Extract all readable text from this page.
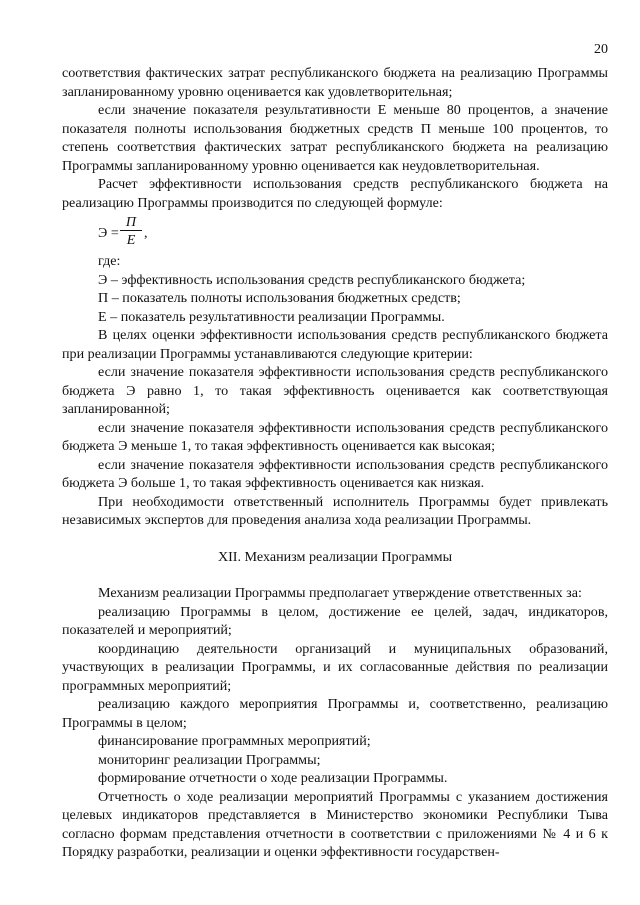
20

соответствия фактических затрат республиканского бюджета на реализацию Программы запланированному уровню оценивается как удовлетворительная;

если значение показателя результативности Е меньше 80 процентов, а значение показателя полноты использования бюджетных средств П меньше 100 процентов, то степень соответствия фактических затрат республиканского бюджета на реализацию Программы запланированному уровню оценивается как неудовлетворительная.

Расчет эффективности использования средств республиканского бюджета на реализацию Программы производится по следующей формуле:

Э =
П
Е ,

где:

Э – эффективность использования средств республиканского бюджета;

П – показатель полноты использования бюджетных средств;

Е – показатель результативности реализации Программы.

В целях оценки эффективности использования средств республиканского бюджета при реализации Программы устанавливаются следующие критерии:

если значение показателя эффективности использования средств республиканского бюджета Э равно 1, то такая эффективность оценивается как соответствующая запланированной;

если значение показателя эффективности использования средств республиканского бюджета Э меньше 1, то такая эффективность оценивается как высокая;

если значение показателя эффективности использования средств республиканского бюджета Э больше 1, то такая эффективность оценивается как низкая.

При необходимости ответственный исполнитель Программы будет привлекать независимых экспертов для проведения анализа хода реализации Программы.

XII. Механизм реализации Программы

Механизм реализации Программы предполагает утверждение ответственных за:

реализацию Программы в целом, достижение ее целей, задач, индикаторов, показателей и мероприятий;

координацию деятельности организаций и муниципальных образований, участвующих в реализации Программы, и их согласованные действия по реализации программных мероприятий;

реализацию каждого мероприятия Программы и, соответственно, реализацию Программы в целом;

финансирование программных мероприятий;

мониторинг реализации Программы;

формирование отчетности о ходе реализации Программы.

Отчетность о ходе реализации мероприятий Программы с указанием достижения целевых индикаторов представляется в Министерство экономики Республики Тыва согласно формам представления отчетности в соответствии с приложениями № 4 и 6 к Порядку разработки, реализации и оценки эффективности государствен-
